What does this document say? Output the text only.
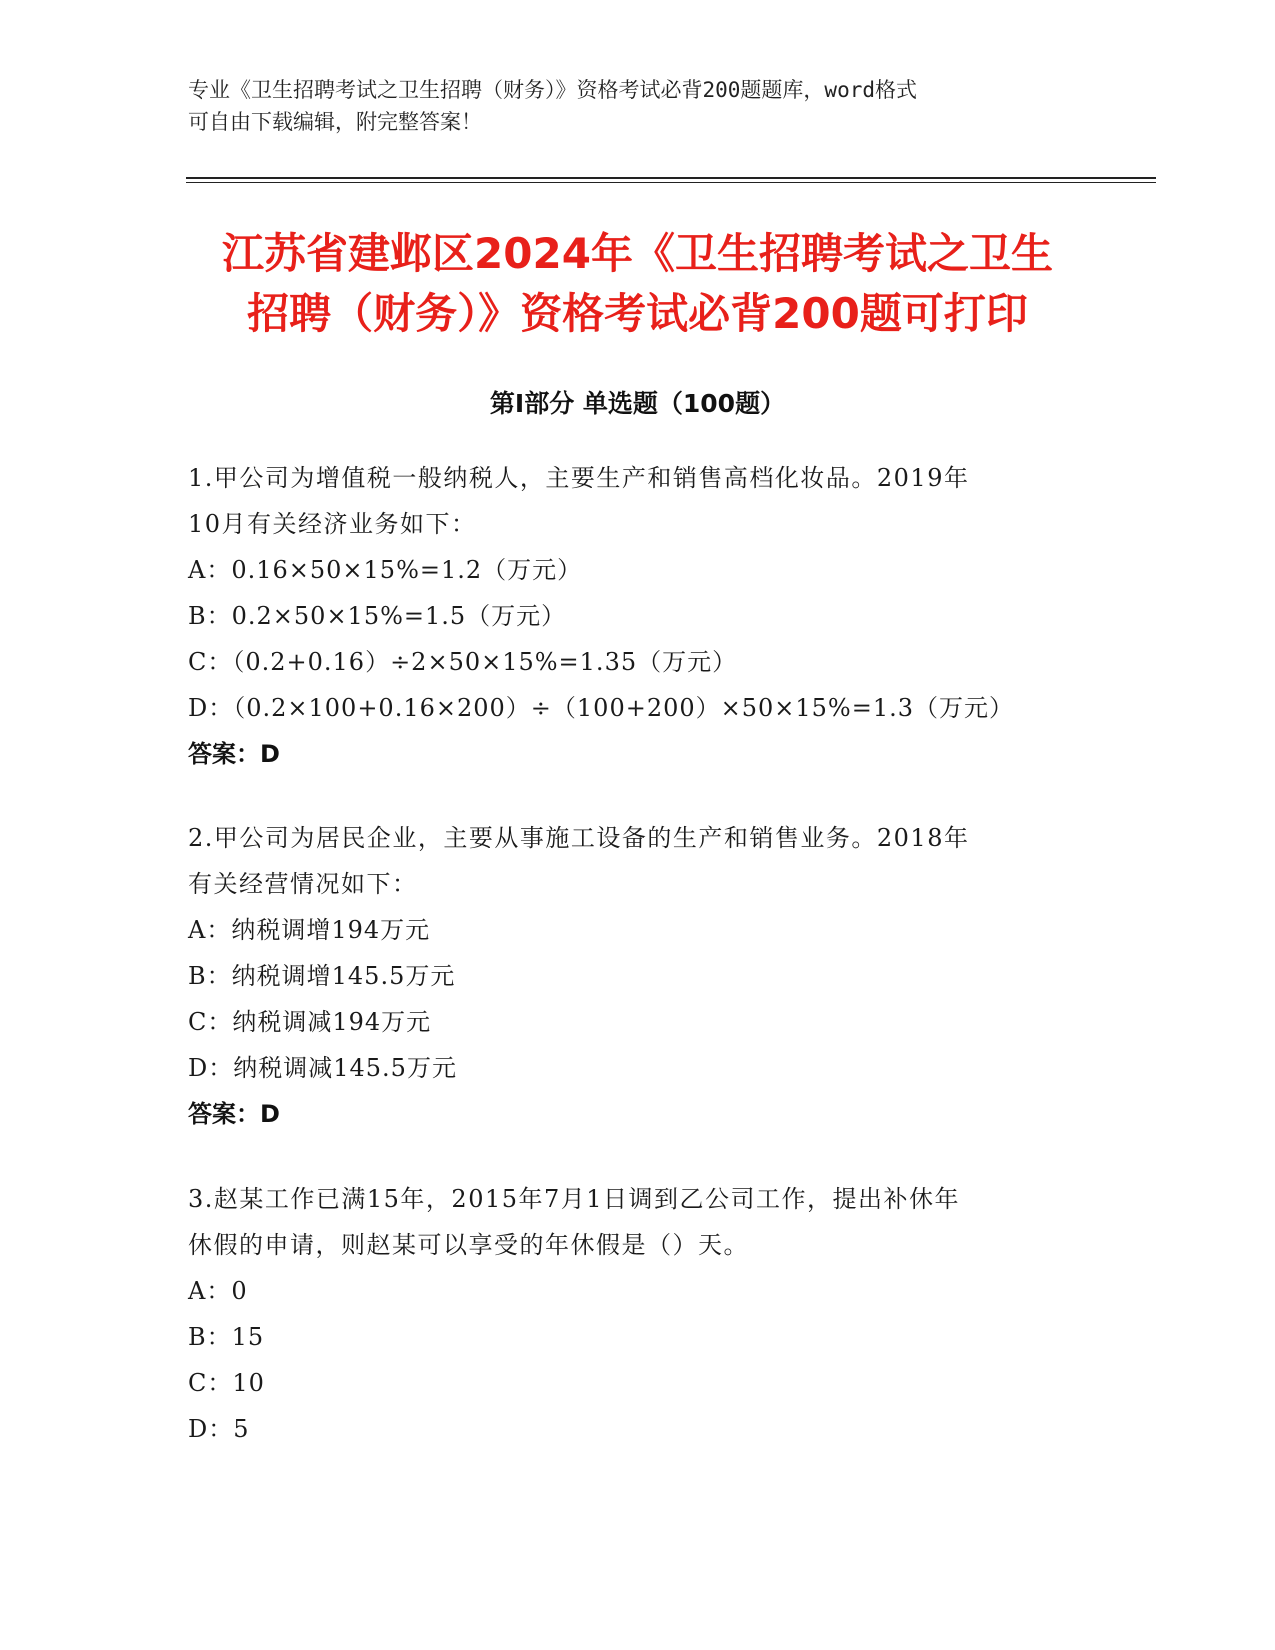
专业《卫生招聘考试之卫生招聘（财务）》资格考试必背200题题库，word格式
可自由下载编辑，附完整答案！
江苏省建邺区2024年《卫生招聘考试之卫生
招聘（财务）》资格考试必背200题可打印
第Ⅰ部分 单选题（100题）
1.甲公司为增值税一般纳税人，主要生产和销售高档化妆品。2019年
10月有关经济业务如下：
A：0.16×50×15%=1.2（万元）
B：0.2×50×15%=1.5（万元）
C：（0.2+0.16）÷2×50×15%=1.35（万元）
D：（0.2×100+0.16×200）÷（100+200）×50×15%=1.3（万元）
答案：D
2.甲公司为居民企业，主要从事施工设备的生产和销售业务。2018年
有关经营情况如下：
A：纳税调增194万元
B：纳税调增145.5万元
C：纳税调减194万元
D：纳税调减145.5万元
答案：D
3.赵某工作已满15年，2015年7月1日调到乙公司工作，提出补休年
休假的申请，则赵某可以享受的年休假是（）天。
A：0
B：15
C：10
D：5
